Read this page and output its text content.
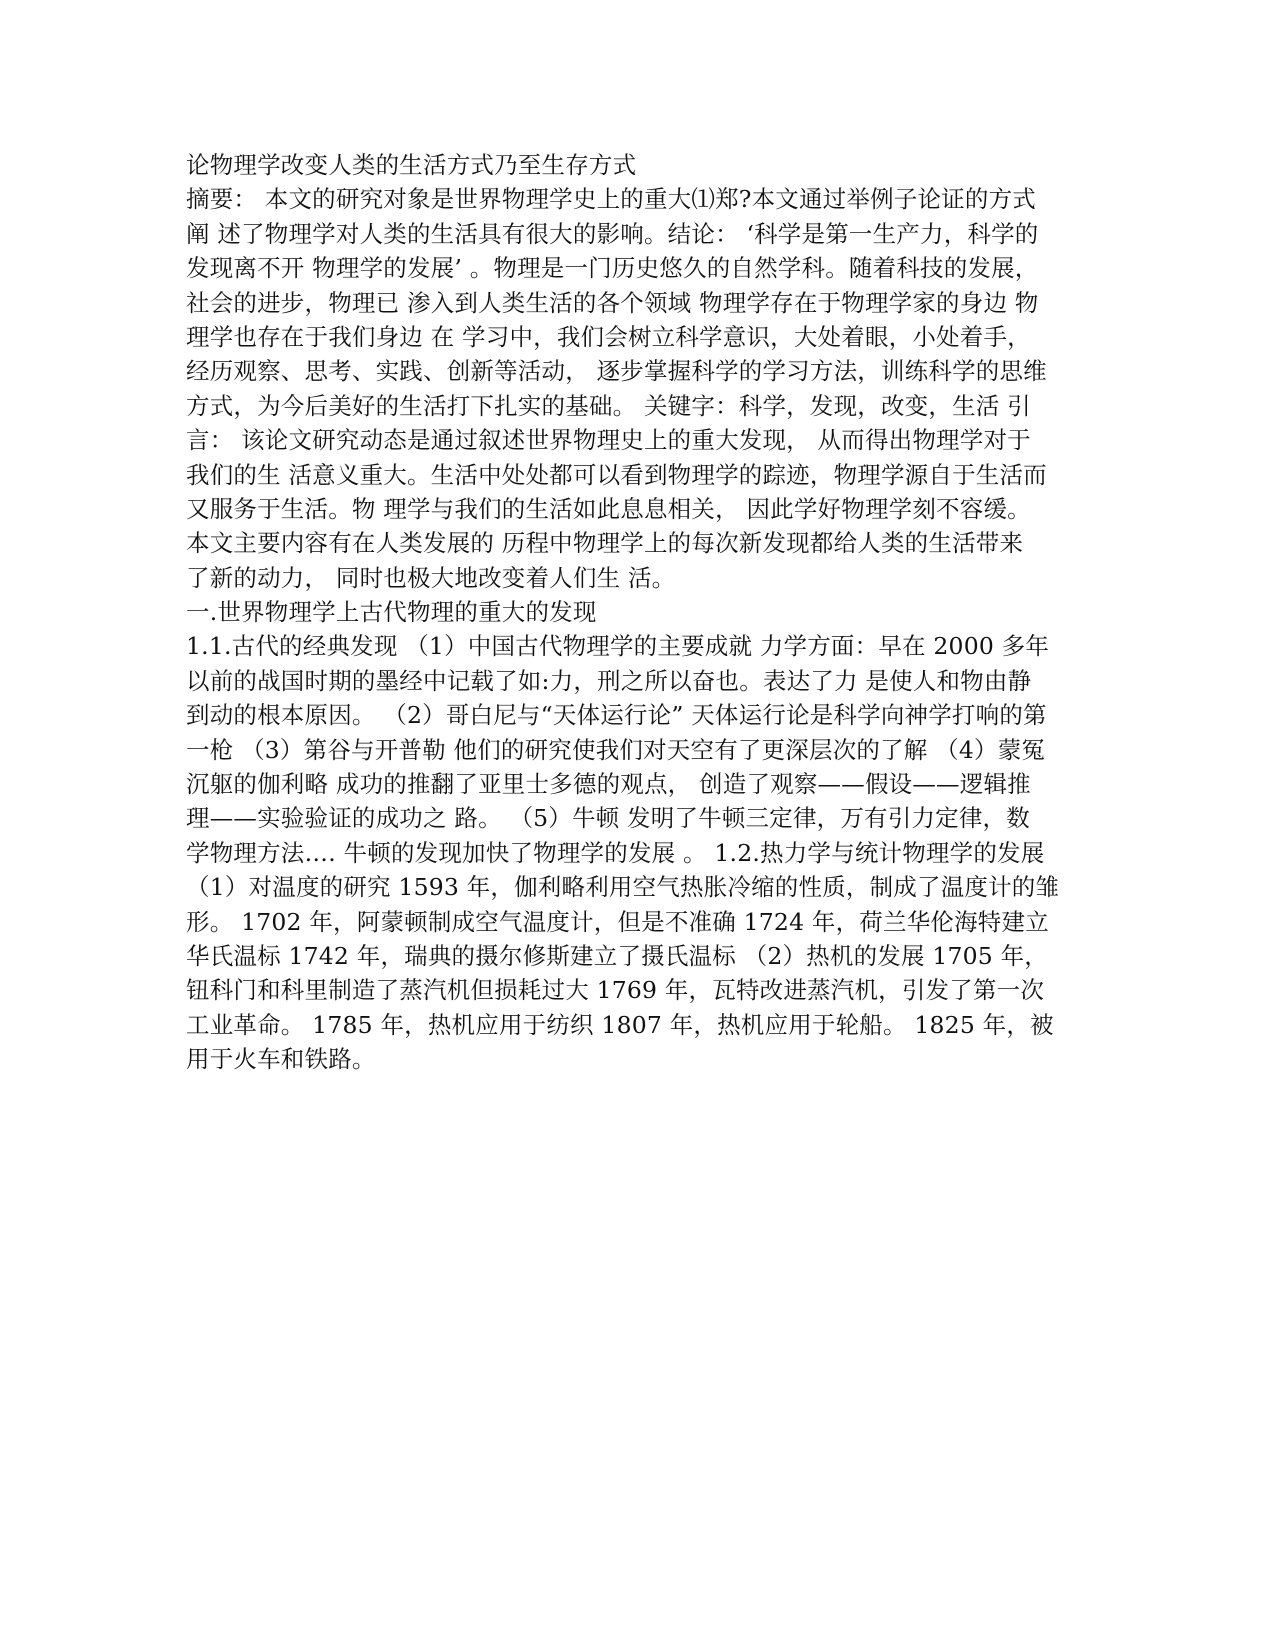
论物理学改变人类的生活方式乃至生存方式
摘要： 本文的研究对象是世界物理学史上的重大⑴郑?本文通过举例子论证的方式
阐 述了物理学对人类的生活具有很大的影响。结论： ‘科学是第一生产力，科学的
发现离不开 物理学的发展’ 。物理是一门历史悠久的自然学科。随着科技的发展，
社会的进步，物理已 渗入到人类生活的各个领域 物理学存在于物理学家的身边 物
理学也存在于我们身边 在 学习中，我们会树立科学意识，大处着眼，小处着手，
经历观察、思考、实践、创新等活动， 逐步掌握科学的学习方法，训练科学的思维
方式，为今后美好的生活打下扎实的基础。 关键字：科学，发现，改变，生活 引
言： 该论文研究动态是通过叙述世界物理史上的重大发现， 从而得出物理学对于
我们的生 活意义重大。生活中处处都可以看到物理学的踪迹，物理学源自于生活而
又服务于生活。物 理学与我们的生活如此息息相关， 因此学好物理学刻不容缓。
本文主要内容有在人类发展的 历程中物理学上的每次新发现都给人类的生活带来
了新的动力， 同时也极大地改变着人们生 活。
一.世界物理学上古代物理的重大的发现
1.1.古代的经典发现 （1）中国古代物理学的主要成就 力学方面：早在 2000 多年
以前的战国时期的墨经中记载了如:力，刑之所以奋也。表达了力 是使人和物由静
到动的根本原因。 （2）哥白尼与“天体运行论” 天体运行论是科学向神学打响的第
一枪 （3）第谷与开普勒 他们的研究使我们对天空有了更深层次的了解 （4）蒙冤
沉躯的伽利略 成功的推翻了亚里士多德的观点， 创造了观察——假设——逻辑推
理——实验验证的成功之 路。 （5）牛顿 发明了牛顿三定律，万有引力定律，数
学物理方法…. 牛顿的发现加快了物理学的发展 。 1.2.热力学与统计物理学的发展
（1）对温度的研究 1593 年，伽利略利用空气热胀冷缩的性质，制成了温度计的雏
形。 1702 年，阿蒙顿制成空气温度计，但是不准确 1724 年，荷兰华伦海特建立
华氏温标 1742 年，瑞典的摄尔修斯建立了摄氏温标 （2）热机的发展 1705 年，
钮科门和科里制造了蒸汽机但损耗过大 1769 年，瓦特改进蒸汽机，引发了第一次
工业革命。 1785 年，热机应用于纺织 1807 年，热机应用于轮船。 1825 年，被
用于火车和铁路。
